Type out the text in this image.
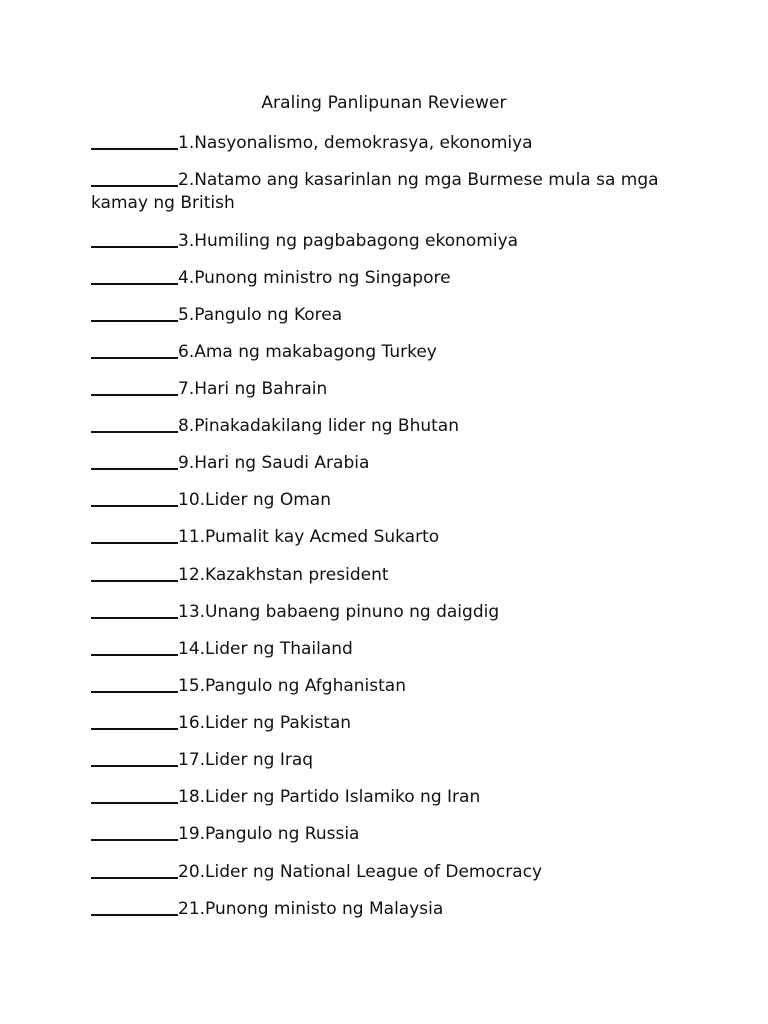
Araling Panlipunan Reviewer
1.Nasyonalismo, demokrasya, ekonomiya
2.Natamo ang kasarinlan ng mga Burmese mula sa mga kamay ng British
3.Humiling ng pagbabagong ekonomiya
4.Punong ministro ng Singapore
5.Pangulo ng Korea
6.Ama ng makabagong Turkey
7.Hari ng Bahrain
8.Pinakadakilang lider ng Bhutan
9.Hari ng Saudi Arabia
10.Lider ng Oman
11.Pumalit kay Acmed Sukarto
12.Kazakhstan president
13.Unang babaeng pinuno ng daigdig
14.Lider ng Thailand
15.Pangulo ng Afghanistan
16.Lider ng Pakistan
17.Lider ng Iraq
18.Lider ng Partido Islamiko ng Iran
19.Pangulo ng Russia
20.Lider ng National League of Democracy
21.Punong ministo ng Malaysia
